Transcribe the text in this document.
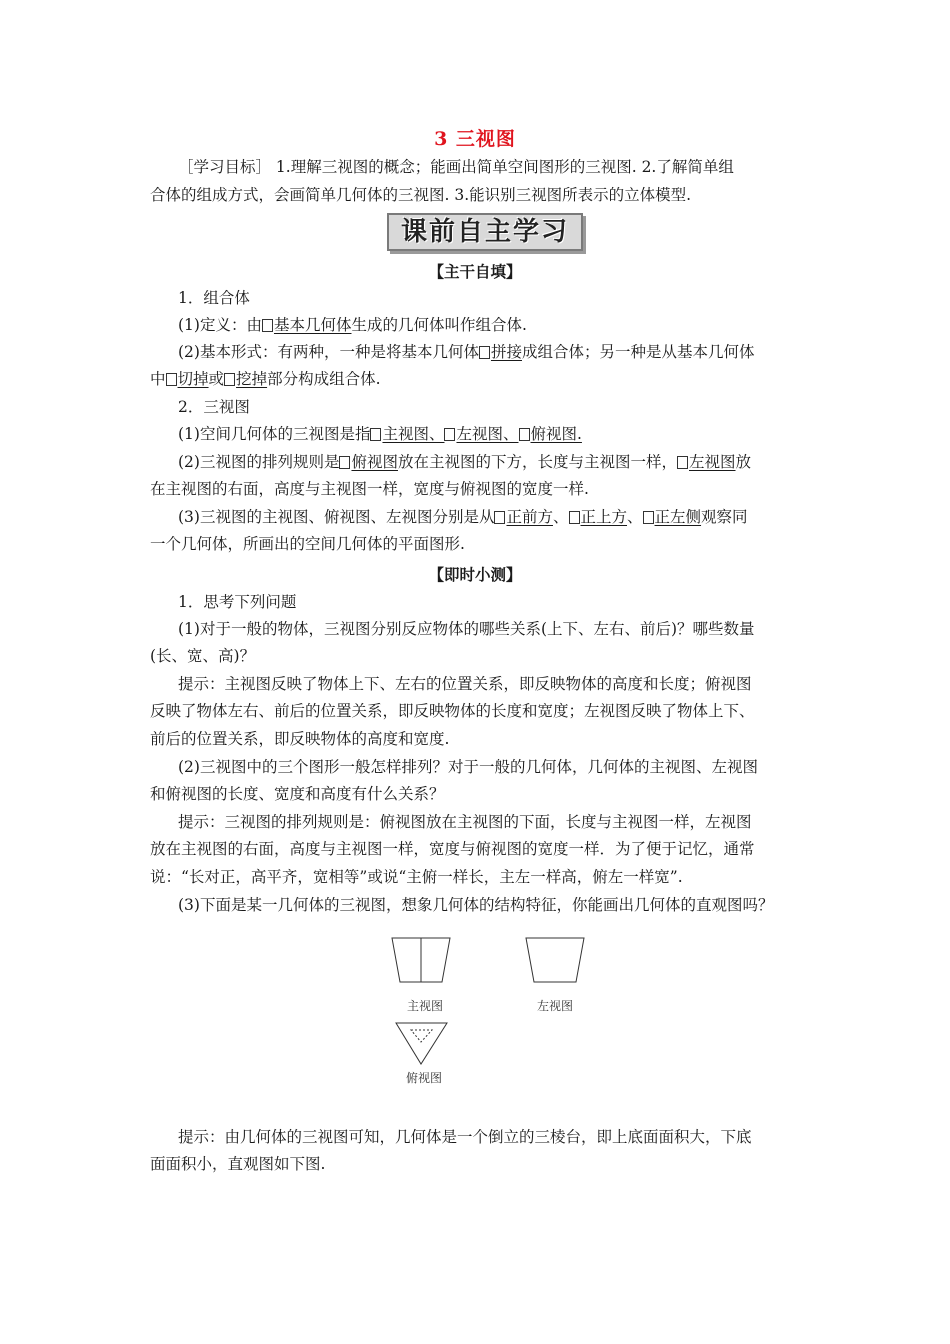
3 三视图
［学习目标］ 1.理解三视图的概念；能画出简单空间图形的三视图. 2.了解简单组
合体的组成方式，会画简单几何体的三视图. 3.能识别三视图所表示的立体模型.
课前自主学习
【主干自填】
1．组合体
(1)定义：由 基本几何体生成的几何体叫作组合体.
(2)基本形式：有两种，一种是将基本几何体 拼接成组合体；另一种是从基本几何体
中 切掉或 挖掉部分构成组合体.
2．三视图
(1)空间几何体的三视图是指 主视图、 左视图、 俯视图.
(2)三视图的排列规则是 俯视图放在主视图的下方，长度与主视图一样， 左视图放
在主视图的右面，高度与主视图一样，宽度与俯视图的宽度一样.
(3)三视图的主视图、俯视图、左视图分别是从 正前方、 正上方、 正左侧观察同
一个几何体，所画出的空间几何体的平面图形.
【即时小测】
1．思考下列问题
(1)对于一般的物体，三视图分别反应物体的哪些关系(上下、左右、前后)？哪些数量
(长、宽、高)？
提示：主视图反映了物体上下、左右的位置关系，即反映物体的高度和长度；俯视图
反映了物体左右、前后的位置关系，即反映物体的长度和宽度；左视图反映了物体上下、
前后的位置关系，即反映物体的高度和宽度.
(2)三视图中的三个图形一般怎样排列？对于一般的几何体，几何体的主视图、左视图
和俯视图的长度、宽度和高度有什么关系？
提示：三视图的排列规则是：俯视图放在主视图的下面，长度与主视图一样，左视图
放在主视图的右面，高度与主视图一样，宽度与俯视图的宽度一样．为了便于记忆，通常
说：“长对正，高平齐，宽相等”或说“主俯一样长，主左一样高，俯左一样宽”.
(3)下面是某一几何体的三视图，想象几何体的结构特征，你能画出几何体的直观图吗？
主视图	左视图
俯视图
提示：由几何体的三视图可知，几何体是一个倒立的三棱台，即上底面面积大，下底
面面积小，直观图如下图.
